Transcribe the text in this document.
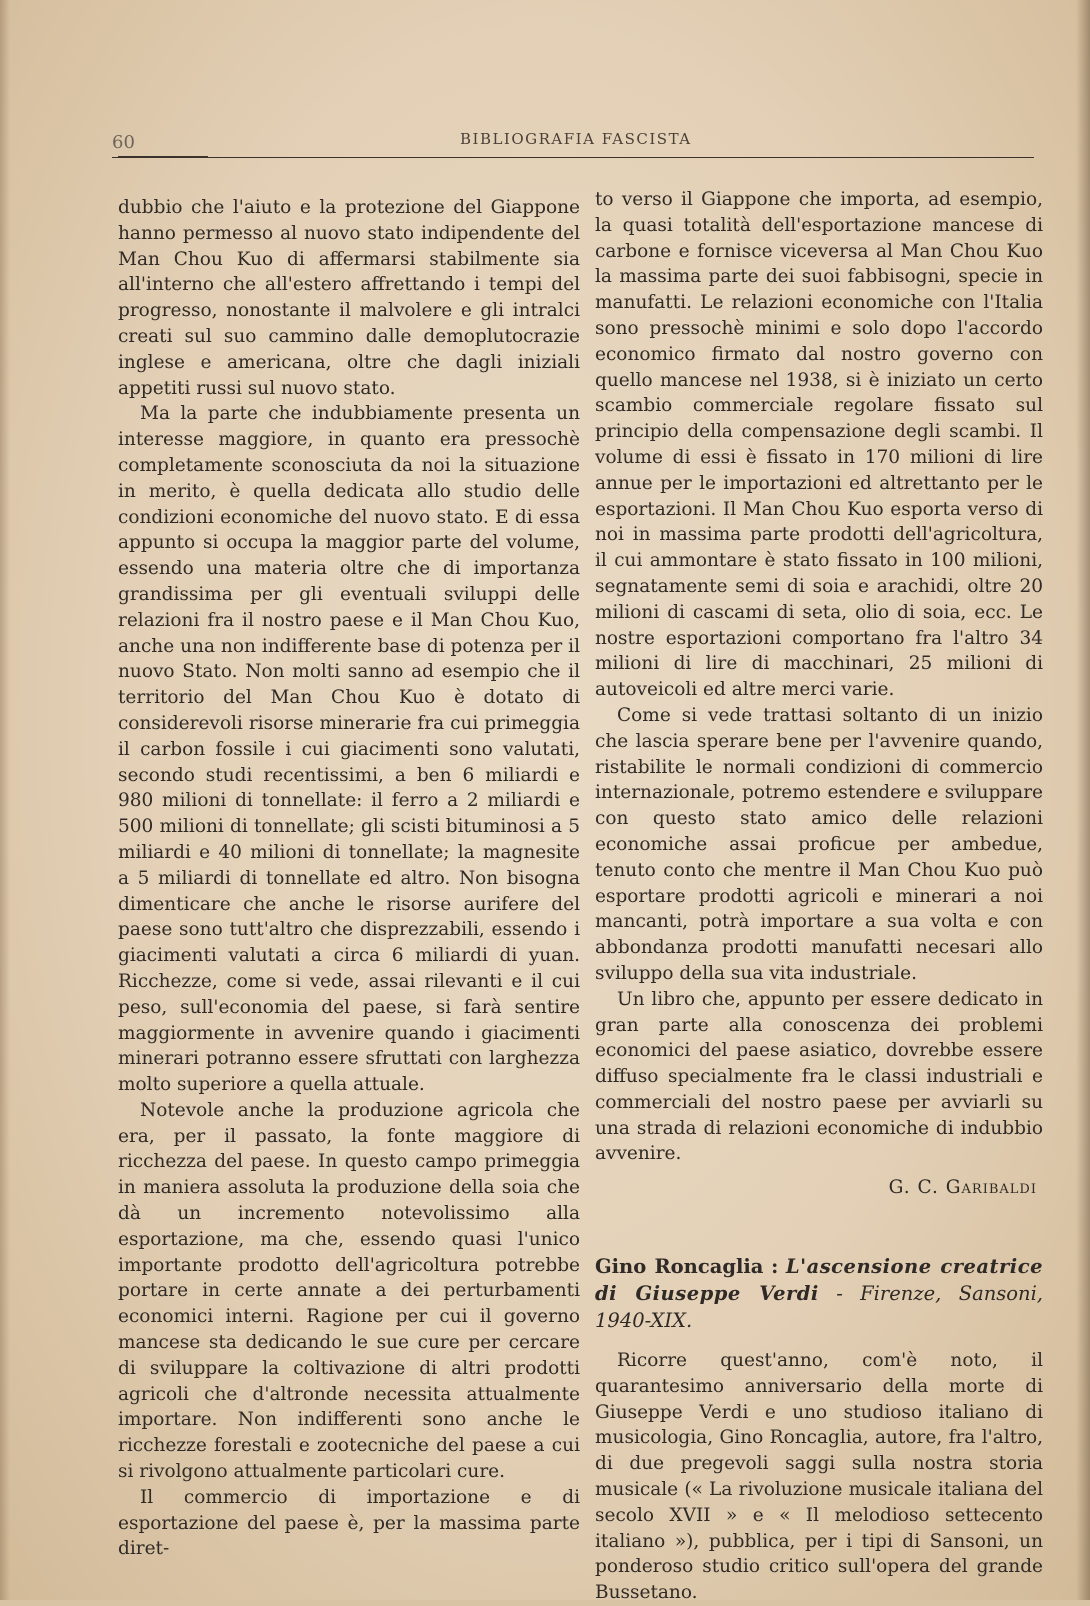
60	BIBLIOGRAFIA FASCISTA

dubbio che l'aiuto e la protezione del Giappone hanno permesso al nuovo stato indipendente del Man Chou Kuo di affermarsi stabilmente sia all'interno che all'estero affrettando i tempi del progresso, nonostante il malvolere e gli intralci creati sul suo cammino dalle demoplutocrazie inglese e americana, oltre che dagli iniziali appetiti russi sul nuovo stato.

Ma la parte che indubbiamente presenta un interesse maggiore, in quanto era pressochè completamente sconosciuta da noi la situazione in merito, è quella dedicata allo studio delle condizioni economiche del nuovo stato. E di essa appunto si occupa la maggior parte del volume, essendo una materia oltre che di importanza grandissima per gli eventuali sviluppi delle relazioni fra il nostro paese e il Man Chou Kuo, anche una non indifferente base di potenza per il nuovo Stato. Non molti sanno ad esempio che il territorio del Man Chou Kuo è dotato di considerevoli risorse minerarie fra cui primeggia il carbon fossile i cui giacimenti sono valutati, secondo studi recentissimi, a ben 6 miliardi e 980 milioni di tonnellate: il ferro a 2 miliardi e 500 milioni di tonnellate; gli scisti bituminosi a 5 miliardi e 40 milioni di tonnellate; la magnesite a 5 miliardi di tonnellate ed altro. Non bisogna dimenticare che anche le risorse aurifere del paese sono tutt'altro che disprezzabili, essendo i giacimenti valutati a circa 6 miliardi di yuan. Ricchezze, come si vede, assai rilevanti e il cui peso, sull'economia del paese, si farà sentire maggiormente in avvenire quando i giacimenti minerari potranno essere sfruttati con larghezza molto superiore a quella attuale.

Notevole anche la produzione agricola che era, per il passato, la fonte maggiore di ricchezza del paese. In questo campo primeggia in maniera assoluta la produzione della soia che dà un incremento notevolissimo alla esportazione, ma che, essendo quasi l'unico importante prodotto dell'agricoltura potrebbe portare in certe annate a dei perturbamenti economici interni. Ragione per cui il governo mancese sta dedicando le sue cure per cercare di sviluppare la coltivazione di altri prodotti agricoli che d'altronde necessita attualmente importare. Non indifferenti sono anche le ricchezze forestali e zootecniche del paese a cui si rivolgono attualmente particolari cure.

Il commercio di importazione e di esportazione del paese è, per la massima parte diret-

to verso il Giappone che importa, ad esempio, la quasi totalità dell'esportazione mancese di carbone e fornisce viceversa al Man Chou Kuo la massima parte dei suoi fabbisogni, specie in manufatti. Le relazioni economiche con l'Italia sono pressochè minimi e solo dopo l'accordo economico firmato dal nostro governo con quello mancese nel 1938, si è iniziato un certo scambio commerciale regolare fissato sul principio della compensazione degli scambi. Il volume di essi è fissato in 170 milioni di lire annue per le importazioni ed altrettanto per le esportazioni. Il Man Chou Kuo esporta verso di noi in massima parte prodotti dell'agricoltura, il cui ammontare è stato fissato in 100 milioni, segnatamente semi di soia e arachidi, oltre 20 milioni di cascami di seta, olio di soia, ecc. Le nostre esportazioni comportano fra l'altro 34 milioni di lire di macchinari, 25 milioni di autoveicoli ed altre merci varie.

Come si vede trattasi soltanto di un inizio che lascia sperare bene per l'avvenire quando, ristabilite le normali condizioni di commercio internazionale, potremo estendere e sviluppare con questo stato amico delle relazioni economiche assai proficue per ambedue, tenuto conto che mentre il Man Chou Kuo può esportare prodotti agricoli e minerari a noi mancanti, potrà importare a sua volta e con abbondanza prodotti manufatti necesari allo sviluppo della sua vita industriale.

Un libro che, appunto per essere dedicato in gran parte alla conoscenza dei problemi economici del paese asiatico, dovrebbe essere diffuso specialmente fra le classi industriali e commerciali del nostro paese per avviarli su una strada di relazioni economiche di indubbio avvenire.

G. C. Garibaldi
Gino Roncaglia : L'ascensione creatrice di Giuseppe Verdi - Firenze, Sansoni, 1940-XIX.

Ricorre quest'anno, com'è noto, il quarantesimo anniversario della morte di Giuseppe Verdi e uno studioso italiano di musicologia, Gino Roncaglia, autore, fra l'altro, di due pregevoli saggi sulla nostra storia musicale (« La rivoluzione musicale italiana del secolo XVII » e « Il melodioso settecento italiano »), pubblica, per i tipi di Sansoni, un ponderoso studio critico sull'opera del grande Bussetano.
